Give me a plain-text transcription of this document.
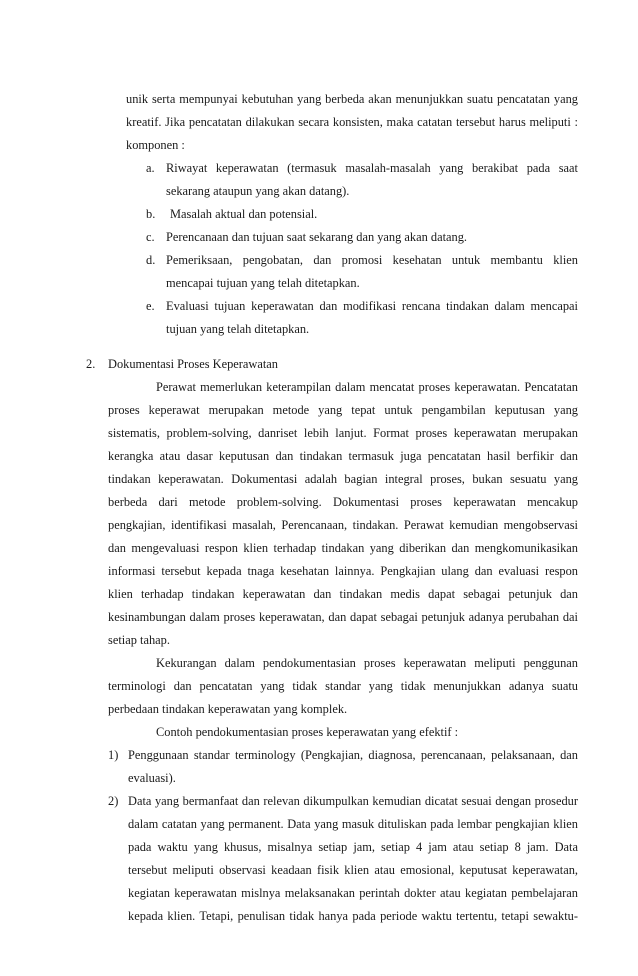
unik serta mempunyai kebutuhan yang berbeda akan menunjukkan suatu pencatatan yang
kreatif. Jika pencatatan dilakukan secara konsisten, maka catatan tersebut harus meliputi :
komponen :
a. Riwayat keperawatan (termasuk masalah-masalah yang berakibat pada saat
sekarang ataupun yang akan datang).
b. Masalah aktual dan potensial.
c. Perencanaan dan tujuan saat sekarang dan yang akan datang.
d. Pemeriksaan, pengobatan, dan promosi kesehatan untuk membantu klien
mencapai tujuan yang telah ditetapkan.
e. Evaluasi tujuan keperawatan dan modifikasi rencana tindakan dalam mencapai
tujuan yang telah ditetapkan.
2. Dokumentasi Proses Keperawatan
Perawat memerlukan keterampilan dalam mencatat proses keperawatan. Pencatatan
proses keperawat merupakan metode yang tepat untuk pengambilan keputusan yang
sistematis, problem-solving, danriset lebih lanjut. Format proses keperawatan merupakan
kerangka atau dasar keputusan dan tindakan termasuk juga pencatatan hasil berfikir dan
tindakan keperawatan. Dokumentasi adalah bagian integral proses, bukan sesuatu yang
berbeda dari metode problem-solving. Dokumentasi proses keperawatan mencakup
pengkajian, identifikasi masalah, Perencanaan, tindakan. Perawat kemudian mengobservasi
dan mengevaluasi respon klien terhadap tindakan yang diberikan dan mengkomunikasikan
informasi tersebut kepada tnaga kesehatan lainnya. Pengkajian ulang dan evaluasi respon
klien terhadap tindakan keperawatan dan tindakan medis dapat sebagai petunjuk dan
kesinambungan dalam proses keperawatan, dan dapat sebagai petunjuk adanya perubahan dai
setiap tahap.
Kekurangan dalam pendokumentasian proses keperawatan meliputi penggunan
terminologi dan pencatatan yang tidak standar yang tidak menunjukkan adanya suatu
perbedaan tindakan keperawatan yang komplek.
Contoh pendokumentasian proses keperawatan yang efektif :
1) Penggunaan standar terminology (Pengkajian, diagnosa, perencanaan, pelaksanaan, dan
evaluasi).
2) Data yang bermanfaat dan relevan dikumpulkan kemudian dicatat sesuai dengan prosedur
dalam catatan yang permanent. Data yang masuk dituliskan pada lembar pengkajian klien
pada waktu yang khusus, misalnya setiap jam, setiap 4 jam atau setiap 8 jam. Data
tersebut meliputi observasi keadaan fisik klien atau emosional, keputusat keperawatan,
kegiatan keperawatan mislnya melaksanakan perintah dokter atau kegiatan pembelajaran
kepada klien. Tetapi, penulisan tidak hanya pada periode waktu tertentu, tetapi sewaktu-
